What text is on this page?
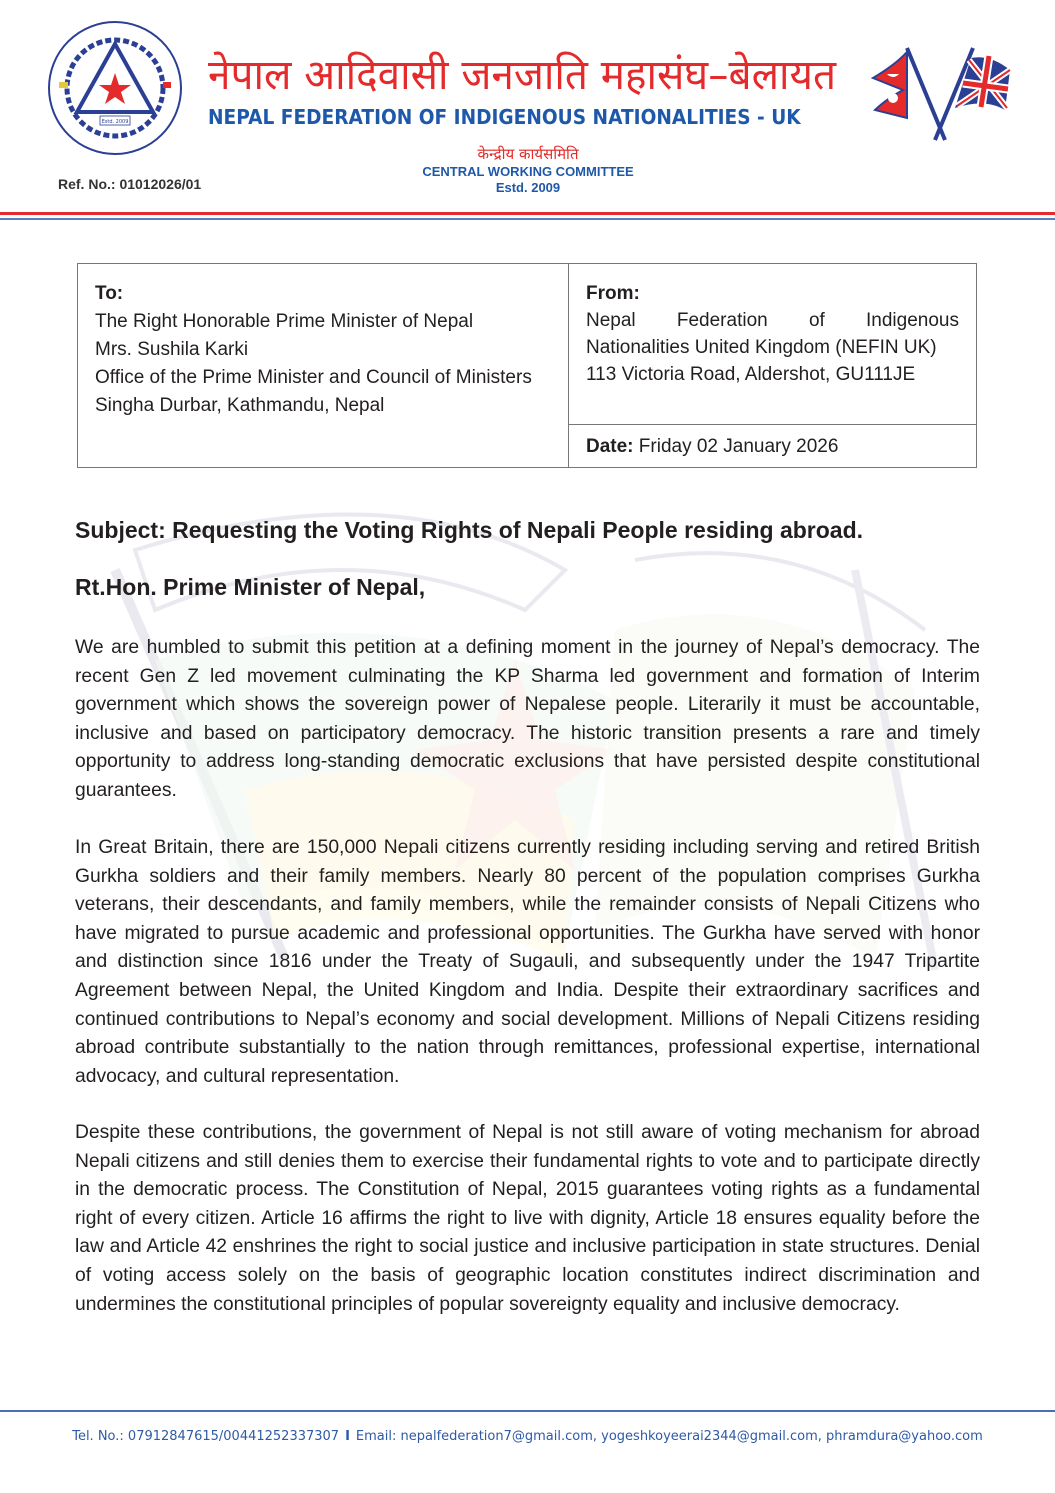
Estd. 2009
नेपाल आदिवासी जनजाति महासंघ–बेलायत
NEPAL FEDERATION OF INDIGENOUS NATIONALITIES - UK
केन्द्रीय कार्यसमिति
CENTRAL WORKING COMMITTEE
Estd. 2009
Ref. No.: 01012026/01
To:
The Right Honorable Prime Minister of Nepal
Mrs. Sushila Karki
Office of the Prime Minister and Council of Ministers
Singha Durbar, Kathmandu, Nepal
From:
Nepal Federation of Indigenous Nationalities United Kingdom (NEFIN UK)
113 Victoria Road, Aldershot, GU111JE
Date: Friday 02 January 2026
Subject: Requesting the Voting Rights of Nepali People residing abroad.
Rt.Hon. Prime Minister of Nepal,
We are humbled to submit this petition at a defining moment in the journey of Nepal’s democracy. The recent Gen Z led movement culminating the KP Sharma led government and formation of Interim government which shows the sovereign power of Nepalese people. Literarily it must be accountable, inclusive and based on participatory democracy. The historic transition presents a rare and timely opportunity to address long-standing democratic exclusions that have persisted despite constitutional guarantees.
In Great Britain, there are 150,000 Nepali citizens currently residing including serving and retired British Gurkha soldiers and their family members. Nearly 80 percent of the population comprises Gurkha veterans, their descendants, and family members, while the remainder consists of Nepali Citizens who have migrated to pursue academic and professional opportunities. The Gurkha have served with honor and distinction since 1816 under the Treaty of Sugauli, and subsequently under the 1947 Tripartite Agreement between Nepal, the United Kingdom and India. Despite their extraordinary sacrifices and continued contributions to Nepal’s economy and social development. Millions of Nepali Citizens residing abroad contribute substantially to the nation through remittances, professional expertise, international advocacy, and cultural representation.
Despite these contributions, the government of Nepal is not still aware of voting mechanism for abroad Nepali citizens and still denies them to exercise their fundamental rights to vote and to participate directly in the democratic process. The Constitution of Nepal, 2015 guarantees voting rights as a fundamental right of every citizen. Article 16 affirms the right to live with dignity, Article 18 ensures equality before the law and Article 42 enshrines the right to social justice and inclusive participation in state structures. Denial of voting access solely on the basis of geographic location constitutes indirect discrimination and undermines the constitutional principles of popular sovereignty equality and inclusive democracy.
Tel. No.: 07912847615/00441252337307 I Email: nepalfederation7@gmail.com, yogeshkoyeerai2344@gmail.com, phramdura@yahoo.com
